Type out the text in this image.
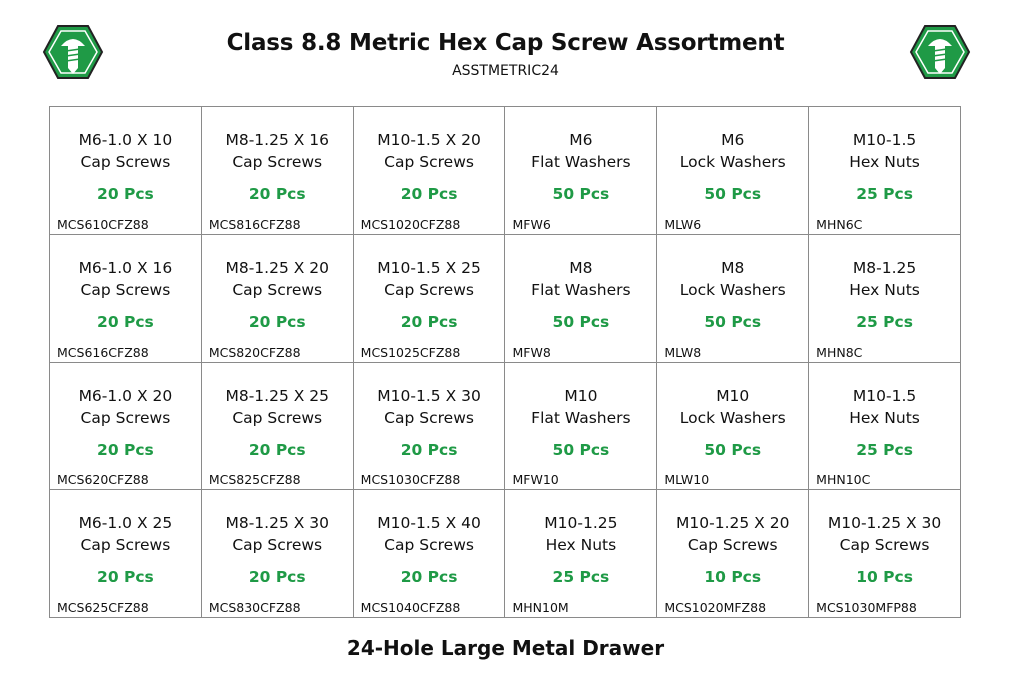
Class 8.8 Metric Hex Cap Screw Assortment
ASSTMETRIC24
M6-1.0 X 10
Cap Screws
20 Pcs
MCS610CFZ88
M8-1.25 X 16
Cap Screws
20 Pcs
MCS816CFZ88
M10-1.5 X 20
Cap Screws
20 Pcs
MCS1020CFZ88
M6
Flat Washers
50 Pcs
MFW6
M6
Lock Washers
50 Pcs
MLW6
M10-1.5
Hex Nuts
25 Pcs
MHN6C
M6-1.0 X 16
Cap Screws
20 Pcs
MCS616CFZ88
M8-1.25 X 20
Cap Screws
20 Pcs
MCS820CFZ88
M10-1.5 X 25
Cap Screws
20 Pcs
MCS1025CFZ88
M8
Flat Washers
50 Pcs
MFW8
M8
Lock Washers
50 Pcs
MLW8
M8-1.25
Hex Nuts
25 Pcs
MHN8C
M6-1.0 X 20
Cap Screws
20 Pcs
MCS620CFZ88
M8-1.25 X 25
Cap Screws
20 Pcs
MCS825CFZ88
M10-1.5 X 30
Cap Screws
20 Pcs
MCS1030CFZ88
M10
Flat Washers
50 Pcs
MFW10
M10
Lock Washers
50 Pcs
MLW10
M10-1.5
Hex Nuts
25 Pcs
MHN10C
M6-1.0 X 25
Cap Screws
20 Pcs
MCS625CFZ88
M8-1.25 X 30
Cap Screws
20 Pcs
MCS830CFZ88
M10-1.5 X 40
Cap Screws
20 Pcs
MCS1040CFZ88
M10-1.25
Hex Nuts
25 Pcs
MHN10M
M10-1.25 X 20
Cap Screws
10 Pcs
MCS1020MFZ88
M10-1.25 X 30
Cap Screws
10 Pcs
MCS1030MFP88
24-Hole Large Metal Drawer
